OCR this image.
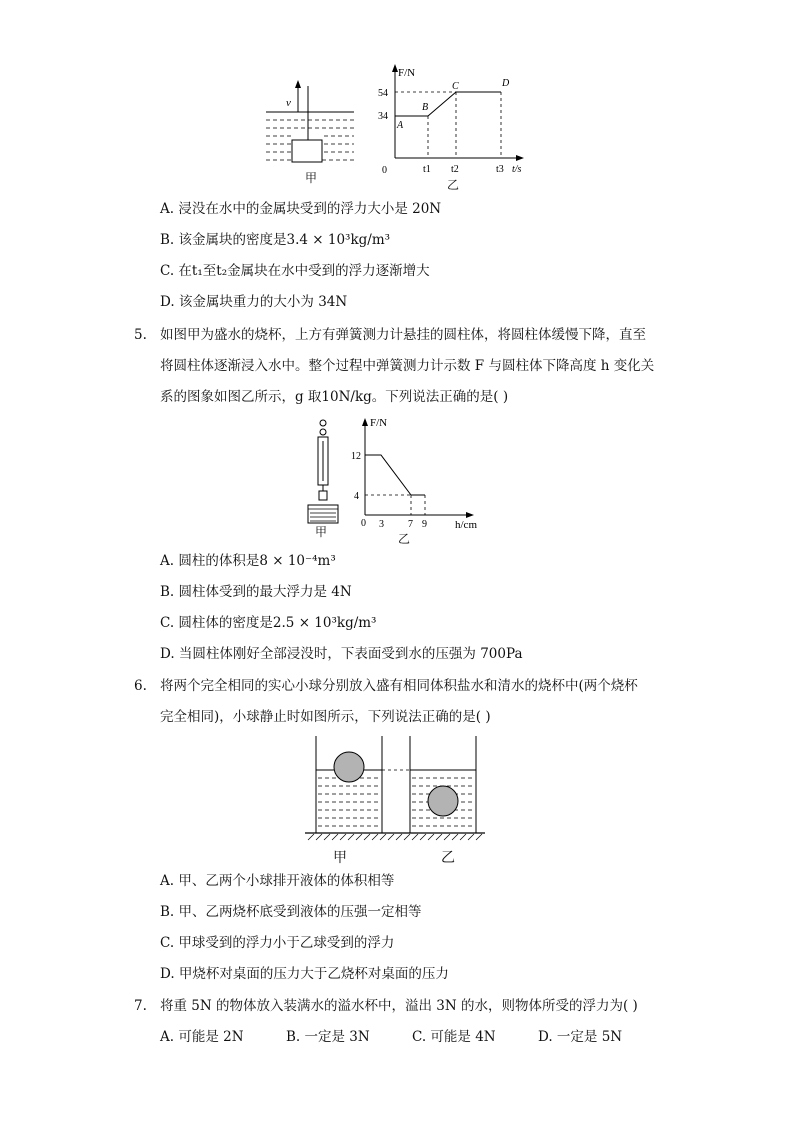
v
甲
F/N
54
34
0	t1 t2	t3 t/s
A
B
C	D
乙
A. 浸没在水中的金属块受到的浮力大小是 20N
B. 该金属块的密度是3.4 × 10³kg/m³
C. 在t₁至t₂金属块在水中受到的浮力逐渐增大
D. 该金属块重力的大小为 34N
5. 如图甲为盛水的烧杯，上方有弹簧测力计悬挂的圆柱体，将圆柱体缓慢下降，直至
将圆柱体逐渐浸入水中。整个过程中弹簧测力计示数 F 与圆柱体下降高度 h 变化关
系的图象如图乙所示，g 取10N/kg。下列说法正确的是( )
甲
F/N
12
4
0 3 7 9	h/cm
乙
A. 圆柱的体积是8 × 10⁻⁴m³
B. 圆柱体受到的最大浮力是 4N
C. 圆柱体的密度是2.5 × 10³kg/m³
D. 当圆柱体刚好全部浸没时，下表面受到水的压强为 700Pa
6. 将两个完全相同的实心小球分别放入盛有相同体积盐水和清水的烧杯中(两个烧杯
完全相同)，小球静止时如图所示，下列说法正确的是( )
甲	乙
A. 甲、乙两个小球排开液体的体积相等
B. 甲、乙两烧杯底受到液体的压强一定相等
C. 甲球受到的浮力小于乙球受到的浮力
D. 甲烧杯对桌面的压力大于乙烧杯对桌面的压力
7. 将重 5N 的物体放入装满水的溢水杯中，溢出 3N 的水，则物体所受的浮力为( )
A. 可能是 2N	B. 一定是 3N	C. 可能是 4N	D. 一定是 5N
